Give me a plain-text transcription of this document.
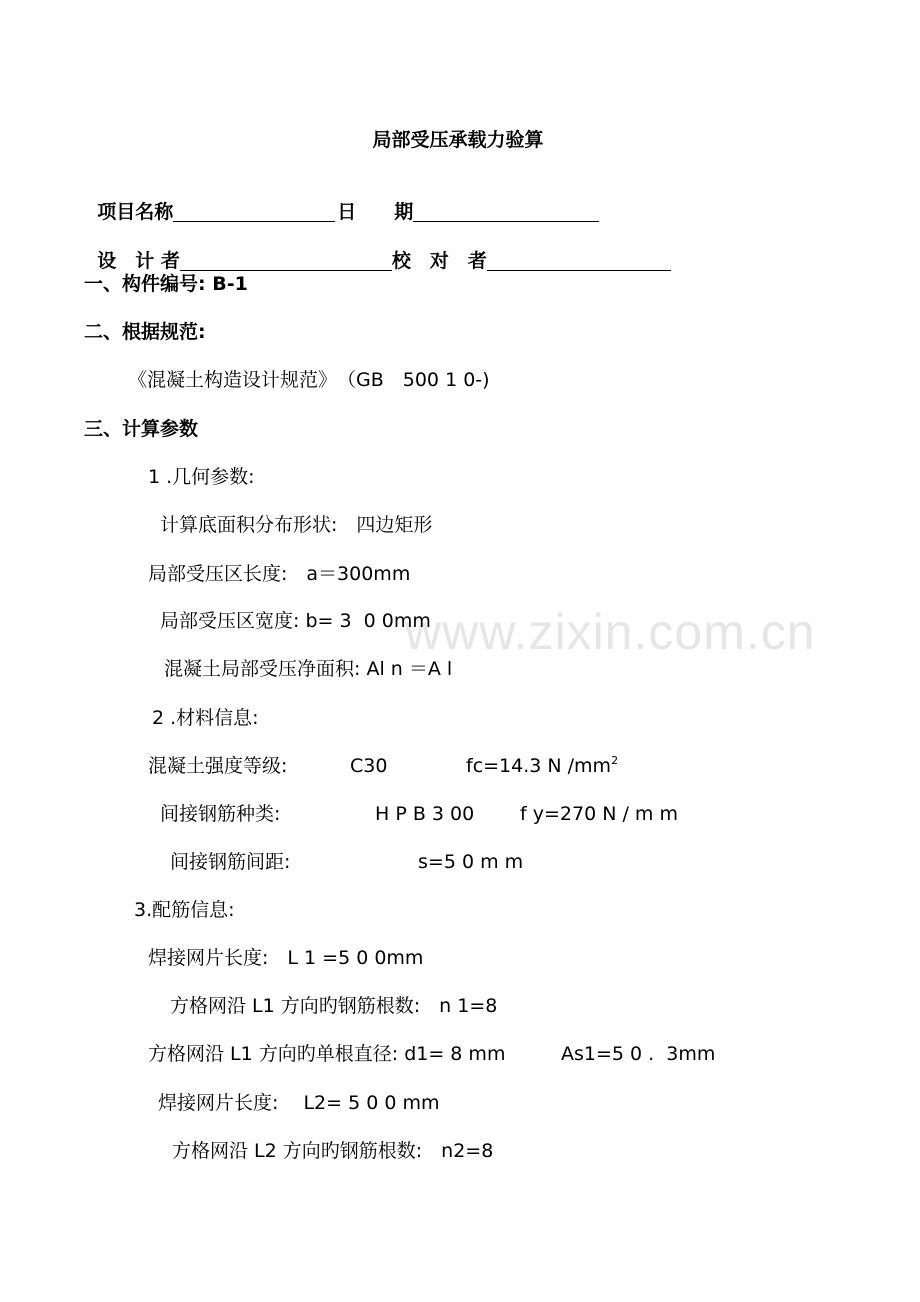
www.zixin.com.cn
局部受压承载力验算

项目名称	日　　期

设　计 者	校　对　者

一、构件编号: B-1
二、根据规范:
《混凝土构造设计规范》　（GB　500 1 0-)
三、计算参数
1 .几何参数:
计算底面积分布形状:　四边矩形
局部受压区长度:　a＝300mm
局部受压区宽度: b= 3  0 0mm
混凝土局部受压净面积: Al n ＝A l
2 .材料信息:
混凝土强度等级:	C30	fc=14.3 N $/mm^2$
间接钢筋种类:	H P B 3 00 f y=270 N / m m
间接钢筋间距:	s=5 0 m m
3.配筋信息:
焊接网片长度:　L 1 =5 0 0mm
方格网沿 L1 方向旳钢筋根数:　n 1=8
方格网沿 L1 方向旳单根直径: d1= 8 mm	As1=5 0 .  3mm
焊接网片长度:　 L2= 5 0 0 mm
方格网沿 L2 方向旳钢筋根数:　n2=8
